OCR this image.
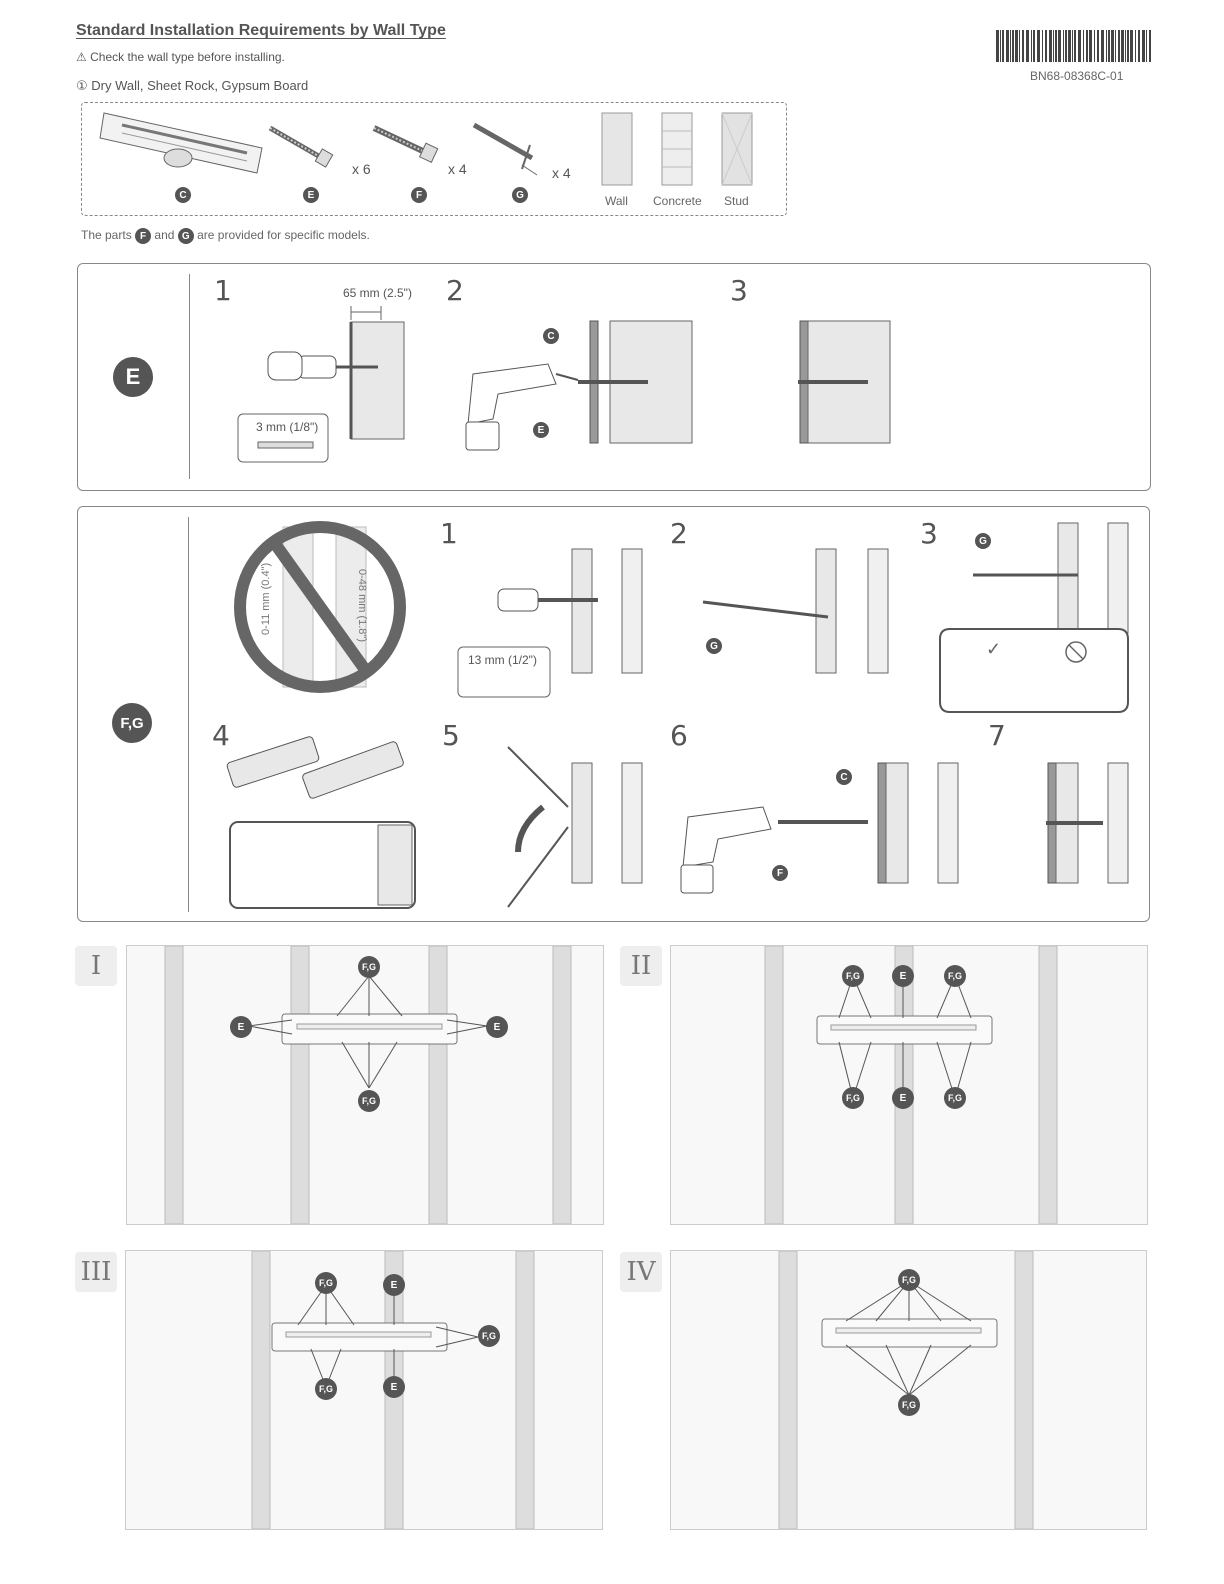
Standard Installation Requirements by Wall Type
⚠ Check the wall type before installing.
① Dry Wall, Sheet Rock, Gypsum Board
BN68-08368C-01
C	E
x 6
F
x 4
G
x 4
Wall Concrete Stud
The parts F and G are provided for specific models.
E
1	2	3
65 mm (2.5")
3 mm (1/8")
C
E
F,G
✓
0-11 mm (0.4")	0-48 mm (1.8")
1	2	3
4	5	6	7
13 mm (1/2")
G
G
C
F
I	F,G
F,G
E	E
II	F,G	E	F,G
F,G	E	F,G
III	F,G	E
F,G
F,G	E
IV	F,G
F,G
